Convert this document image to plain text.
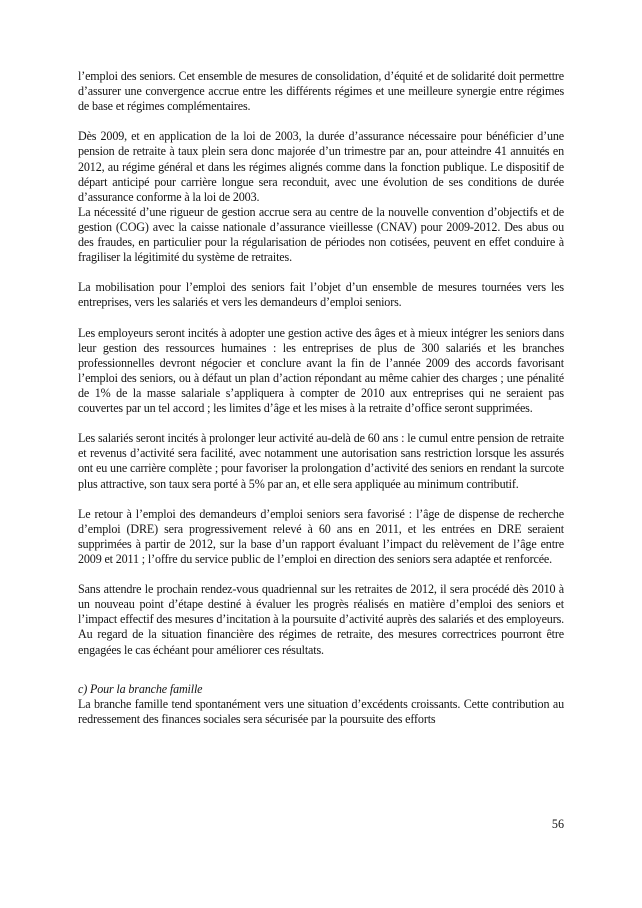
l’emploi des seniors. Cet ensemble de mesures de consolidation, d’équité et de solidarité doit permettre d’assurer une convergence accrue entre les différents régimes et une meilleure synergie entre régimes de base et régimes complémentaires.

Dès 2009, et en application de la loi de 2003, la durée d’assurance nécessaire pour bénéficier d’une pension de retraite à taux plein sera donc majorée d’un trimestre par an, pour atteindre 41 annuités en 2012, au régime général et dans les régimes alignés comme dans la fonction publique. Le dispositif de départ anticipé pour carrière longue sera reconduit, avec une évolution de ses conditions de durée d’assurance conforme à la loi de 2003.

La nécessité d’une rigueur de gestion accrue sera au centre de la nouvelle convention d’objectifs et de gestion (COG) avec la caisse nationale d’assurance vieillesse (CNAV) pour 2009-2012. Des abus ou des fraudes, en particulier pour la régularisation de périodes non cotisées, peuvent en effet conduire à fragiliser la légitimité du système de retraites.

La mobilisation pour l’emploi des seniors fait l’objet d’un ensemble de mesures tournées vers les entreprises, vers les salariés et vers les demandeurs d’emploi seniors.

Les employeurs seront incités à adopter une gestion active des âges et à mieux intégrer les seniors dans leur gestion des ressources humaines : les entreprises de plus de 300 salariés et les branches professionnelles devront négocier et conclure avant la fin de l’année 2009 des accords favorisant l’emploi des seniors, ou à défaut un plan d’action répondant au même cahier des charges ; une pénalité de 1% de la masse salariale s’appliquera à compter de 2010 aux entreprises qui ne seraient pas couvertes par un tel accord ; les limites d’âge et les mises à la retraite d’office seront supprimées.

Les salariés seront incités à prolonger leur activité au-delà de 60 ans : le cumul entre pension de retraite et revenus d’activité sera facilité, avec notamment une autorisation sans restriction lorsque les assurés ont eu une carrière complète ; pour favoriser la prolongation d’activité des seniors en rendant la surcote plus attractive, son taux sera porté à 5% par an, et elle sera appliquée au minimum contributif.

Le retour à l’emploi des demandeurs d’emploi seniors sera favorisé : l’âge de dispense de recherche d’emploi (DRE) sera progressivement relevé à 60 ans en 2011, et les entrées en DRE seraient supprimées à partir de 2012, sur la base d’un rapport évaluant l’impact du relèvement de l’âge entre 2009 et 2011 ; l’offre du service public de l’emploi en direction des seniors sera adaptée et renforcée.

Sans attendre le prochain rendez-vous quadriennal sur les retraites de 2012, il sera procédé dès 2010 à un nouveau point d’étape destiné à évaluer les progrès réalisés en matière d’emploi des seniors et l’impact effectif des mesures d’incitation à la poursuite d’activité auprès des salariés et des employeurs. Au regard de la situation financière des régimes de retraite, des mesures correctrices pourront être engagées le cas échéant pour améliorer ces résultats.

c) Pour la branche famille

La branche famille tend spontanément vers une situation d’excédents croissants. Cette contribution au redressement des finances sociales sera sécurisée par la poursuite des efforts

56
